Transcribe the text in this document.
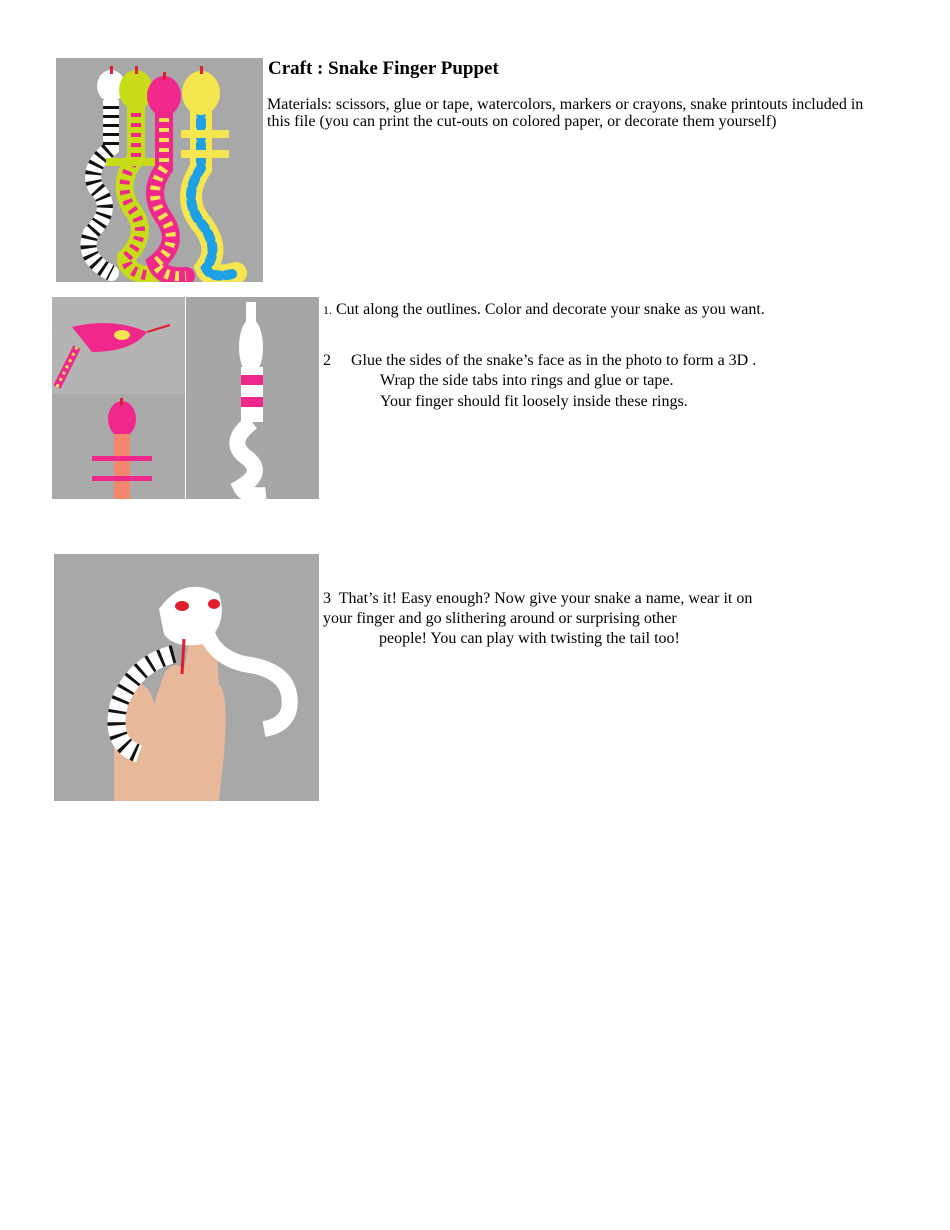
Craft : Snake Finger Puppet
Materials: scissors, glue or tape, watercolors, markers or crayons, snake printouts included in this file (you can print the cut-outs on colored paper, or decorate them yourself)
1. Cut along the outlines. Color and decorate your snake as you want.
2 Glue the sides of the snake’s face as in the photo to form a 3D .
Wrap the side tabs into rings and glue or tape.
Your finger should fit loosely inside these rings.
3 That’s it! Easy enough? Now give your snake a name, wear it on
your finger and go slithering around or surprising other
people! You can play with twisting the tail too!
